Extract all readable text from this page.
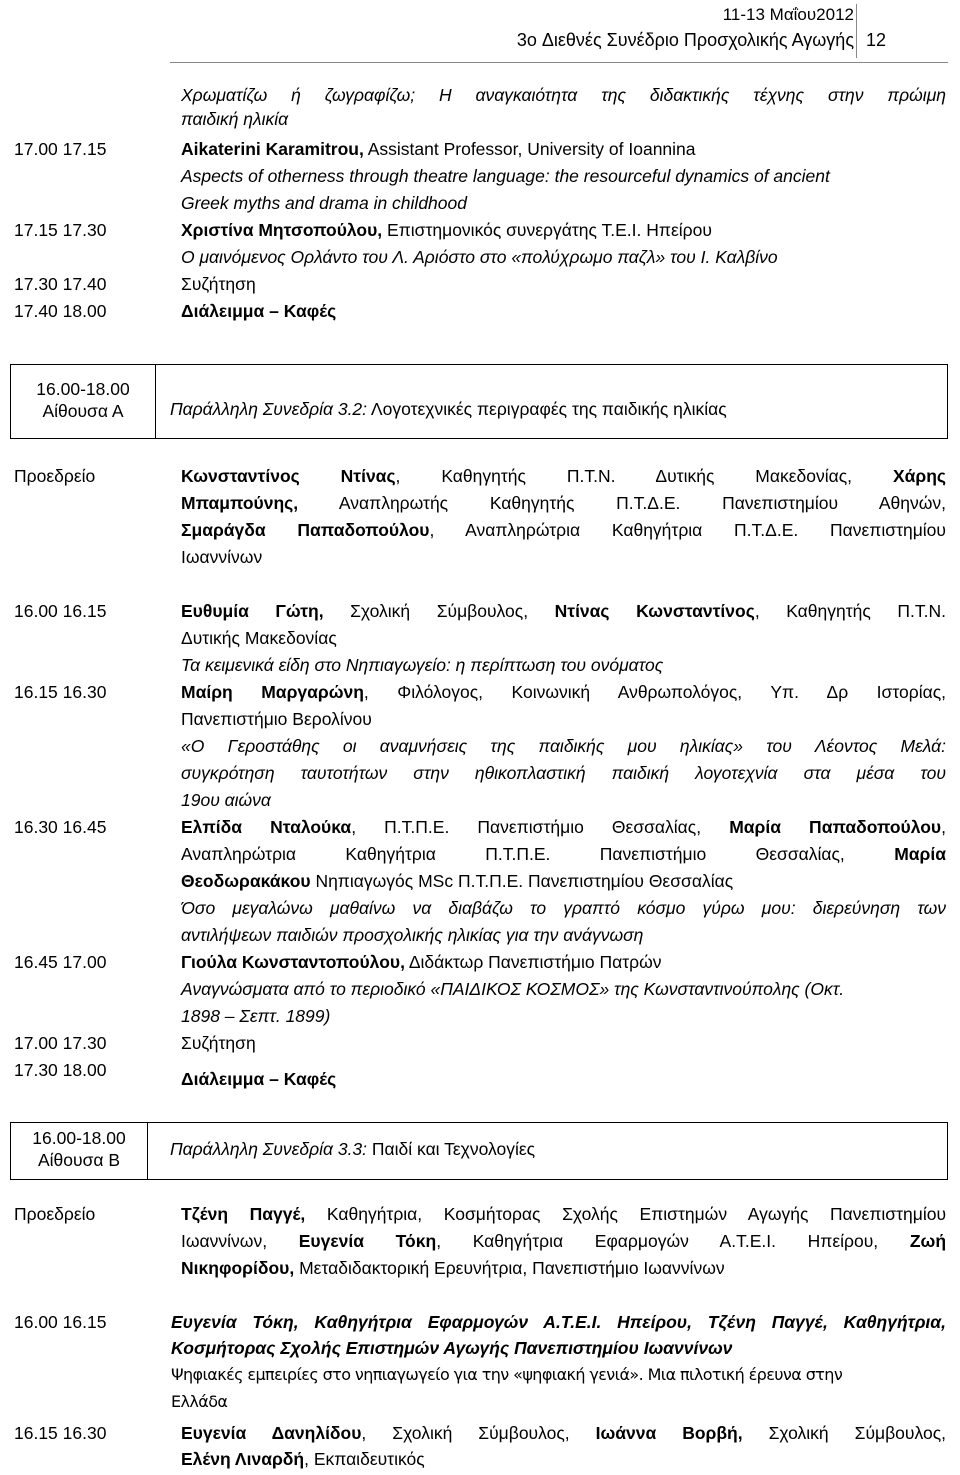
11-13 Μαΐου2012
3o Διεθνές Συνέδριο Προσχολικής Αγωγής 12
Χρωματίζω ή ζωγραφίζω; Η αναγκαιότητα της διδακτικής τέχνης στην πρώιμη
παιδική ηλικία
17.00 17.15	Aikaterini Karamitrou, Assistant Professor, University of Ioannina
Aspects of otherness through theatre language: the resourceful dynamics of ancient
Greek myths and drama in childhood
17.15 17.30	Χριστίνα Μητσοπούλου, Επιστημονικός συνεργάτης Τ.Ε.Ι. Ηπείρου
Ο μαινόμενος Ορλάντο του Λ. Αριόστο στο «πολύχρωμο παζλ» του Ι. Καλβίνο
17.30 17.40	Συζήτηση
17.40 18.00	Διάλειμμα – Καφές
16.00-18.00
Αίθουσα Α	Παράλληλη Συνεδρία 3.2: Λογοτεχνικές περιγραφές της παιδικής ηλικίας
Προεδρείο	Κωνσταντίνος Ντίνας, Καθηγητής Π.Τ.Ν. Δυτικής Μακεδονίας, Χάρης
Μπαμπούνης, Αναπληρωτής Καθηγητής Π.Τ.Δ.Ε. Πανεπιστημίου Αθηνών,
Σμαράγδα Παπαδοπούλου, Αναπληρώτρια Καθηγήτρια Π.Τ.Δ.Ε. Πανεπιστημίου
Ιωαννίνων
16.00 16.15	Ευθυμία Γώτη, Σχολική Σύμβουλος, Ντίνας Κωνσταντίνος, Καθηγητής Π.Τ.Ν.
Δυτικής Μακεδονίας
Τα κειμενικά είδη στο Νηπιαγωγείο: η περίπτωση του ονόματος
16.15 16.30	Μαίρη Μαργαρώνη, Φιλόλογος, Κοινωνική Ανθρωπολόγος, Υπ. Δρ Ιστορίας,
Πανεπιστήμιο Βερολίνου
«Ο Γεροστάθης οι αναμνήσεις της παιδικής μου ηλικίας» του Λέοντος Μελά:
συγκρότηση ταυτοτήτων στην ηθικοπλαστική παιδική λογοτεχνία στα μέσα του
19ου αιώνα
16.30 16.45	Ελπίδα Νταλούκα, Π.Τ.Π.Ε. Πανεπιστήμιο Θεσσαλίας, Μαρία Παπαδοπούλου,
Αναπληρώτρια Καθηγήτρια Π.Τ.Π.Ε. Πανεπιστήμιο Θεσσαλίας, Μαρία
Θεοδωρακάκου Νηπιαγωγός MSc Π.Τ.Π.Ε. Πανεπιστημίου Θεσσαλίας
Όσο μεγαλώνω μαθαίνω να διαβάζω το γραπτό κόσμο γύρω μου: διερεύνηση των
αντιλήψεων παιδιών προσχολικής ηλικίας για την ανάγνωση
16.45 17.00	Γιούλα Κωνσταντοπούλου, Διδάκτωρ Πανεπιστήμιο Πατρών
Αναγνώσματα από το περιοδικό «ΠΑΙΔΙΚΟΣ ΚΟΣΜΟΣ» της Κωνσταντινούπολης (Οκτ.
1898 – Σεπτ. 1899)
17.00 17.30	Συζήτηση
17.30 18.00	Διάλειμμα – Καφές
16.00-18.00
Αίθουσα Β
Παράλληλη Συνεδρία 3.3: Παιδί και Τεχνολογίες
Προεδρείο	Τζένη Παγγέ, Καθηγήτρια, Κοσμήτορας Σχολής Επιστημών Αγωγής Πανεπιστημίου
Ιωαννίνων, Ευγενία Τόκη, Καθηγήτρια Εφαρμογών Α.Τ.Ε.Ι. Ηπείρου, Ζωή
Νικηφορίδου, Μεταδιδακτορική Ερευνήτρια, Πανεπιστήμιο Ιωαννίνων
16.00 16.15	Ευγενία Τόκη, Καθηγήτρια Εφαρμογών Α.Τ.Ε.Ι. Ηπείρου, Τζένη Παγγέ, Καθηγήτρια,
Κοσμήτορας Σχολής Επιστημών Αγωγής Πανεπιστημίου Ιωαννίνων
Ψηφιακές εμπειρίες στο νηπιαγωγείο για την «ψηφιακή γενιά». Μια πιλοτική έρευνα στην
Ελλάδα
16.15 16.30	Ευγενία Δανηλίδου, Σχολική Σύμβουλος, Ιωάννα Βορβή, Σχολική Σύμβουλος,
Ελένη Λιναρδή, Εκπαιδευτικός
